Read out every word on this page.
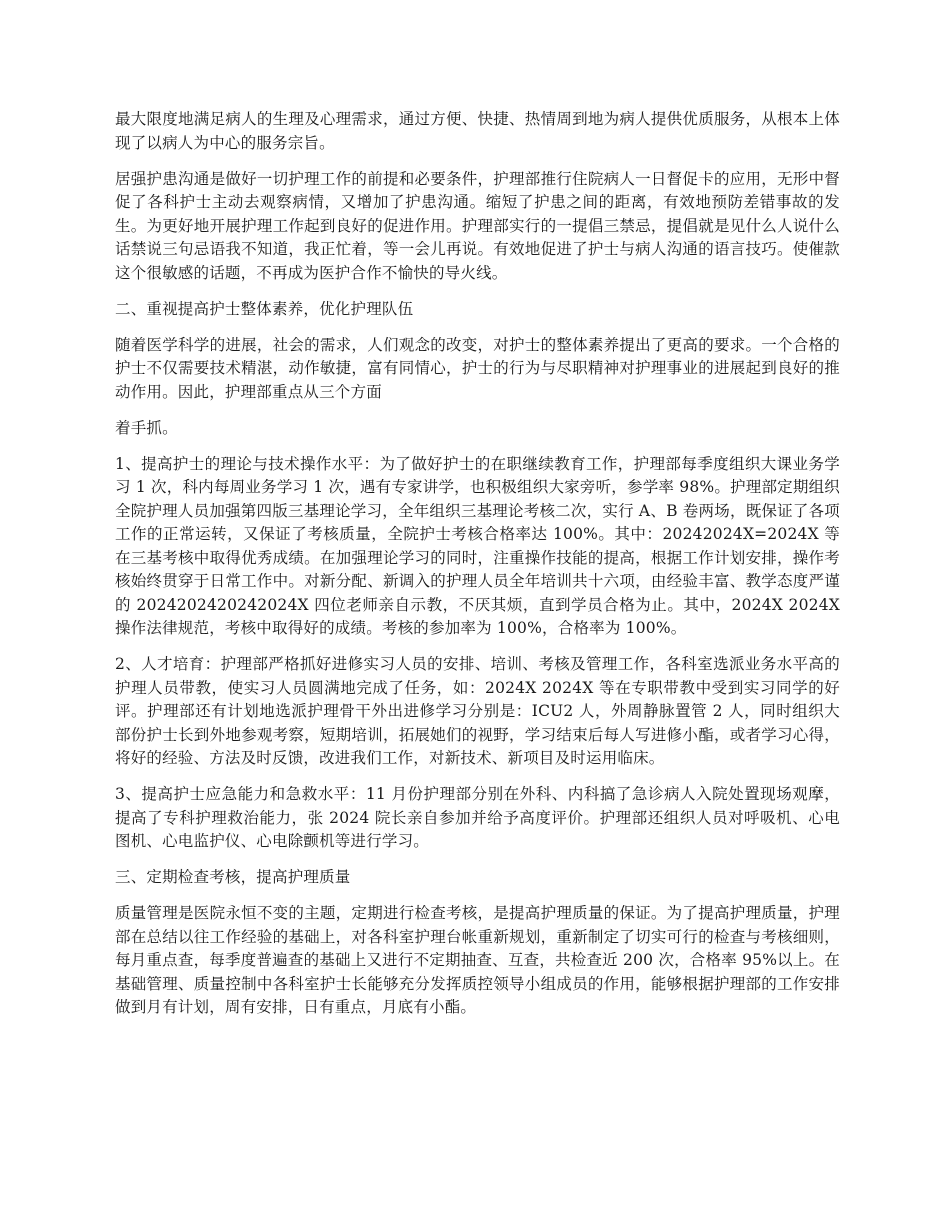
最大限度地满足病人的生理及心理需求，通过方便、快捷、热情周到地为病人提供优质服务，从根本上体现了以病人为中心的服务宗旨。

居强护患沟通是做好一切护理工作的前提和必要条件，护理部推行住院病人一日督促卡的应用，无形中督促了各科护士主动去观察病情，又增加了护患沟通。缩短了护患之间的距离，有效地预防差错事故的发生。为更好地开展护理工作起到良好的促进作用。护理部实行的一提倡三禁忌，提倡就是见什么人说什么话禁说三句忌语我不知道，我正忙着，等一会儿再说。有效地促进了护士与病人沟通的语言技巧。使催款这个很敏感的话题，不再成为医护合作不愉快的导火线。

二、重视提高护士整体素养，优化护理队伍

随着医学科学的进展，社会的需求，人们观念的改变，对护士的整体素养提出了更高的要求。一个合格的护士不仅需要技术精湛，动作敏捷，富有同情心，护士的行为与尽职精神对护理事业的进展起到良好的推动作用。因此，护理部重点从三个方面

着手抓。

1、提高护士的理论与技术操作水平：为了做好护士的在职继续教育工作，护理部每季度组织大课业务学习 1 次，科内每周业务学习 1 次，遇有专家讲学，也积极组织大家旁听，参学率 98%。护理部定期组织全院护理人员加强第四版三基理论学习，全年组织三基理论考核二次，实行 A、B 卷两场，既保证了各项工作的正常运转，又保证了考核质量，全院护士考核合格率达 100%。其中：20242024X=2024X 等在三基考核中取得优秀成绩。在加强理论学习的同时，注重操作技能的提高，根据工作计划安排，操作考核始终贯穿于日常工作中。对新分配、新调入的护理人员全年培训共十六项，由经验丰富、教学态度严谨的 20242024202420​24X 四位老师亲自示教，不厌其烦，直到学员合格为止。其中，2024X 2024X 操作法律规范，考核中取得好的成绩。考核的参加率为 100%，合格率为 100%。

2、人才培育：护理部严格抓好进修实习人员的安排、培训、考核及管理工作，各科室选派业务水平高的护理人员带教，使实习人员圆满地完成了任务，如：2024X 2024X 等在专职带教中受到实习同学的好评。护理部还有计划地选派护理骨干外出进修学习分别是：ICU2 人，外周静脉置管 2 人，同时组织大部份护士长到外地参观考察，短期培训，拓展她们的视野，学习结束后每人写进修小酯，或者学习心得，将好的经验、方法及时反馈，改进我们工作，对新技术、新项目及时运用临床。

3、提高护士应急能力和急救水平：11 月份护理部分别在外科、内科搞了急诊病人入院处置现场观摩，提高了专科护理救治能力，张 2024 院长亲自参加并给予高度评价。护理部还组织人员对呼吸机、心电图机、心电监护仪、心电除颤机等进行学习。

三、定期检查考核，提高护理质量

质量管理是医院永恒不变的主题，定期进行检查考核，是提高护理质量的保证。为了提高护理质量，护理部在总结以往工作经验的基础上，对各科室护理台帐重新规划，重新制定了切实可行的检查与考核细则，每月重点查，每季度普遍查的基础上又进行不定期抽查、互查，共检查近 200 次，合格率 95%以上。在基础管理、质量控制中各科室护士长能够充分发挥质控领导小组成员的作用，能够根据护理部的工作安排做到月有计划，周有安排，日有重点，月底有小酯。
